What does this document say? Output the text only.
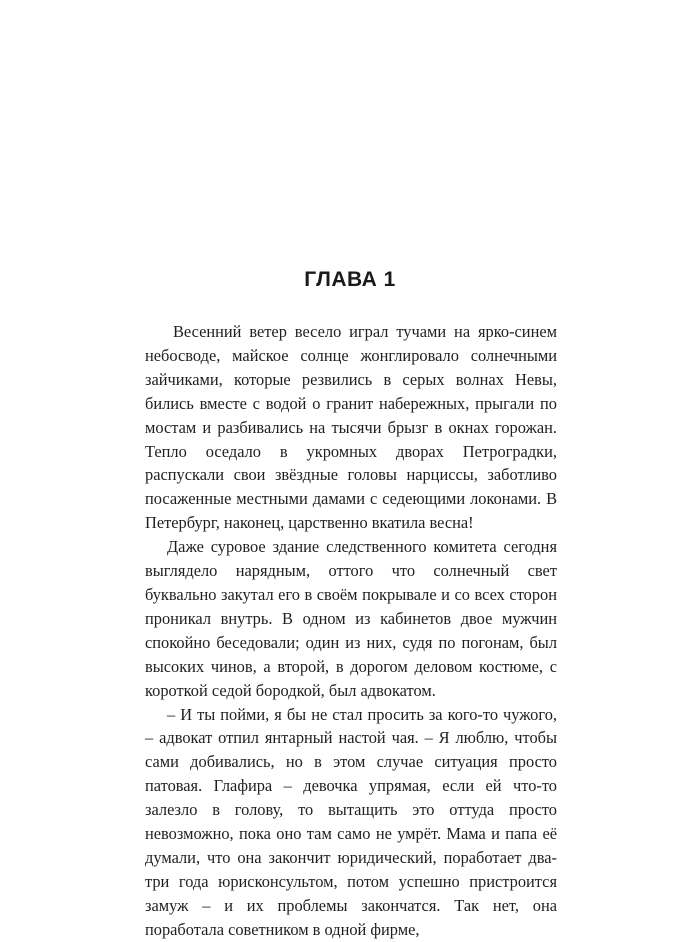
ГЛАВА 1

Весенний ветер весело играл тучами на ярко-синем небосводе, майское солнце жонглировало солнечными зайчиками, которые резвились в серых волнах Невы, бились вместе с водой о гранит набережных, прыгали по мостам и разбивались на тысячи брызг в окнах горожан. Тепло оседало в укромных дворах Петроградки, распускали свои звёздные головы нарциссы, заботливо посаженные местными дамами с седеющими локонами. В Петербург, наконец, царственно вкатила весна!

Даже суровое здание следственного комитета сегодня выглядело нарядным, оттого что солнечный свет буквально закутал его в своём покрывале и со всех сторон проникал внутрь. В одном из кабинетов двое мужчин спокойно беседовали; один из них, судя по погонам, был высоких чинов, а второй, в дорогом деловом костюме, с короткой седой бородкой, был адвокатом.

– И ты пойми, я бы не стал просить за кого-то чужого, – адвокат отпил янтарный настой чая. – Я люблю, чтобы сами добивались, но в этом случае ситуация просто патовая. Глафира – девочка упрямая, если ей что-то залезло в голову, то вытащить это оттуда просто невозможно, пока оно там само не умрёт. Мама и папа её думали, что она закончит юридический, поработает два-три года юрисконсультом, потом успешно пристроится замуж – и их проблемы закончатся. Так нет, она поработала советником в одной фирме,
